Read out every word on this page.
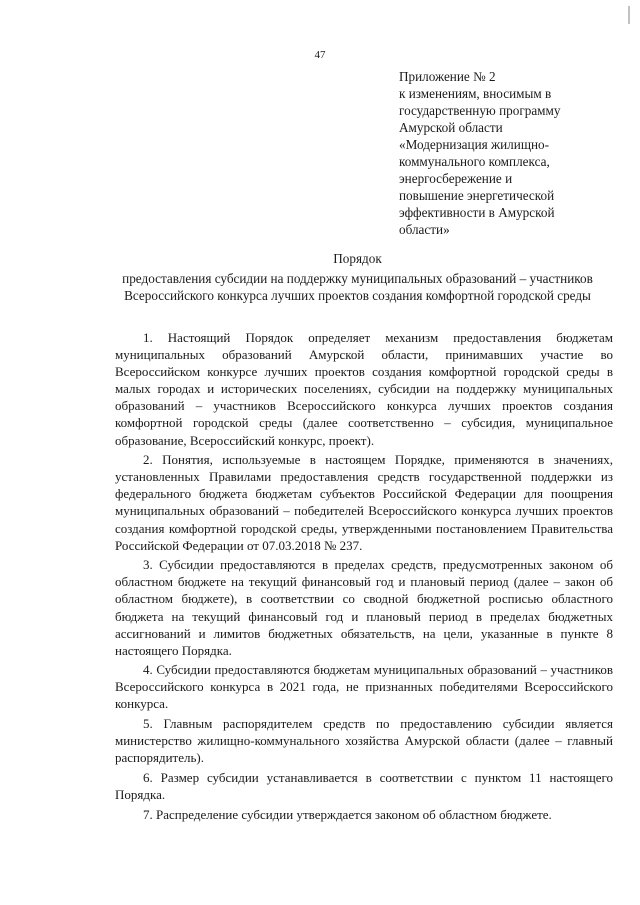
47
Приложение № 2
к изменениям, вносимым в
государственную программу
Амурской области
«Модернизация жилищно-
коммунального комплекса,
энергосбережение и
повышение энергетической
эффективности в Амурской
области»
Порядок
предоставления субсидии на поддержку муниципальных образований – участников Всероссийского конкурса лучших проектов создания комфортной городской среды

1. Настоящий Порядок определяет механизм предоставления бюджетам муниципальных образований Амурской области, принимавших участие во Всероссийском конкурсе лучших проектов создания комфортной городской среды в малых городах и исторических поселениях, субсидии на поддержку муниципальных образований – участников Всероссийского конкурса лучших проектов создания комфортной городской среды (далее соответственно – субсидия, муниципальное образование, Всероссийский конкурс, проект).

2. Понятия, используемые в настоящем Порядке, применяются в значениях, установленных Правилами предоставления средств государственной поддержки из федерального бюджета бюджетам субъектов Российской Федерации для поощрения муниципальных образований – победителей Всероссийского конкурса лучших проектов создания комфортной городской среды, утвержденными постановлением Правительства Российской Федерации от 07.03.2018 № 237.

3. Субсидии предоставляются в пределах средств, предусмотренных законом об областном бюджете на текущий финансовый год и плановый период (далее – закон об областном бюджете), в соответствии со сводной бюджетной росписью областного бюджета на текущий финансовый год и плановый период в пределах бюджетных ассигнований и лимитов бюджетных обязательств, на цели, указанные в пункте 8 настоящего Порядка.

4. Субсидии предоставляются бюджетам муниципальных образований – участников Всероссийского конкурса в 2021 года, не признанных победителями Всероссийского конкурса.

5. Главным распорядителем средств по предоставлению субсидии является министерство жилищно-коммунального хозяйства Амурской области (далее – главный распорядитель).

6. Размер субсидии устанавливается в соответствии с пунктом 11 настоящего Порядка.

7. Распределение субсидии утверждается законом об областном бюджете.
